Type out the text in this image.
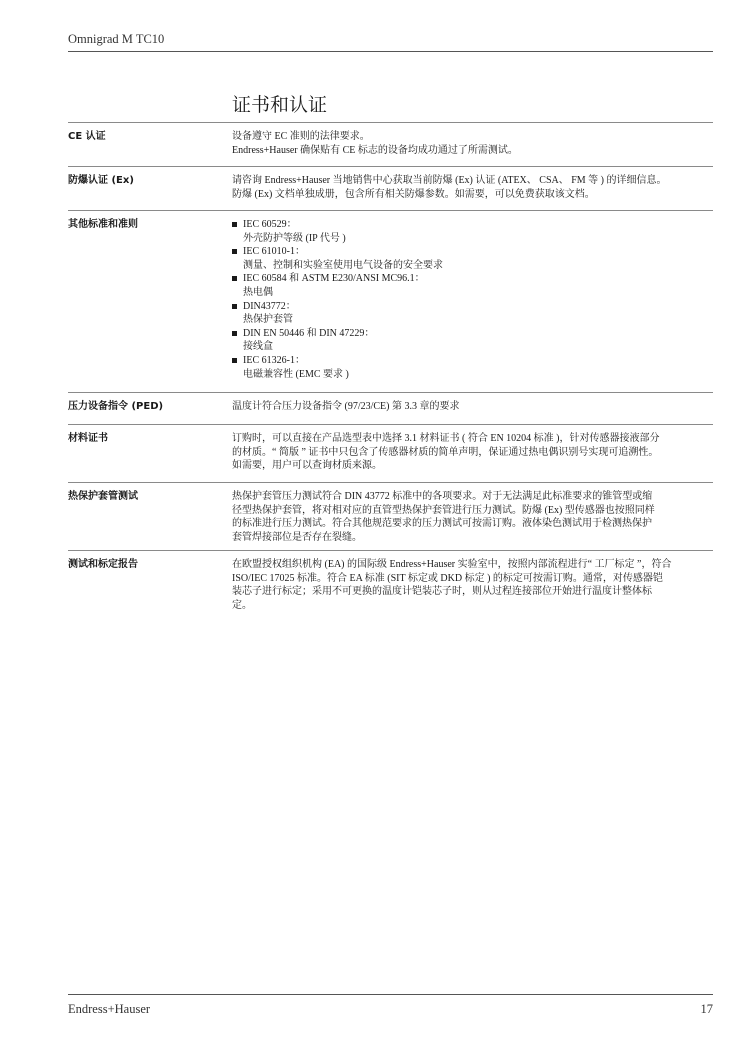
Omnigrad M TC10
证书和认证
CE 认证	设备遵守 EC 准则的法律要求。

Endress+Hauser 确保贴有 CE 标志的设备均成功通过了所需测试。

防爆认证 (Ex)	请咨询 Endress+Hauser 当地销售中心获取当前防爆 (Ex) 认证 (ATEX、 CSA、 FM 等 ) 的详细信息。

防爆 (Ex) 文档单独成册，包含所有相关防爆参数。如需要，可以免费获取该文档。

其他标准和准则	IEC 60529：
外壳防护等级 (IP 代号 )
IEC 61010-1：
测量、控制和实验室使用电气设备的安全要求
IEC 60584 和 ASTM E230/ANSI MC96.1：
热电偶
DIN43772：
热保护套管
DIN EN 50446 和 DIN 47229：
接线盒
IEC 61326-1：
电磁兼容性 (EMC 要求 )
压力设备指令 (PED)	温度计符合压力设备指令 (97/23/CE) 第 3.3 章的要求

材料证书	订购时，可以直接在产品选型表中选择 3.1 材料证书 ( 符合 EN 10204 标准 )，针对传感器接液部分

的材质。“ 简版 ” 证书中只包含了传感器材质的简单声明，保证通过热电偶识别号实现可追溯性。

如需要，用户可以查询材质来源。

热保护套管测试	热保护套管压力测试符合 DIN 43772 标准中的各项要求。对于无法满足此标准要求的锥管型或缩

径型热保护套管，将对相对应的直管型热保护套管进行压力测试。防爆 (Ex) 型传感器也按照同样

的标准进行压力测试。符合其他规范要求的压力测试可按需订购。液体染色测试用于检测热保护

套管焊接部位是否存在裂缝。

测试和标定报告	在欧盟授权组织机构 (EA) 的国际级 Endress+Hauser 实验室中，按照内部流程进行“ 工厂标定 ”，符合

ISO/IEC 17025 标准。符合 EA 标准 (SIT 标定或 DKD 标定 ) 的标定可按需订购。通常，对传感器铠

装芯子进行标定；采用不可更换的温度计铠装芯子时，则从过程连接部位开始进行温度计整体标

定。

Endress+Hauser	17
